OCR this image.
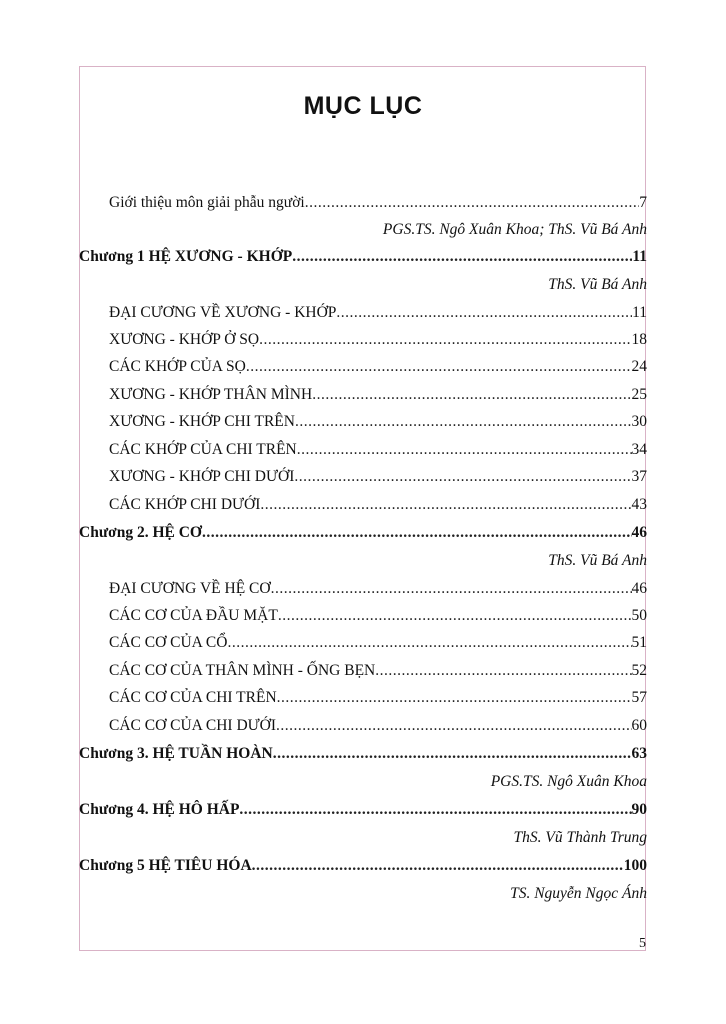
MỤC LỤC
Giới thiệu môn giải phẫu người .....	7
PGS.TS. Ngô Xuân Khoa; ThS. Vũ Bá Anh
Chương 1 HỆ XƯƠNG - KHỚP .....	11
ThS. Vũ Bá Anh
ĐẠI CƯƠNG VỀ XƯƠNG - KHỚP .....	11
XƯƠNG - KHỚP Ở SỌ .....	18
CÁC KHỚP CỦA SỌ .....	24
XƯƠNG - KHỚP THÂN MÌNH .....	25
XƯƠNG - KHỚP CHI TRÊN .....	30
CÁC KHỚP CỦA CHI TRÊN .....	34
XƯƠNG - KHỚP CHI DƯỚI .....	37
CÁC KHỚP CHI DƯỚI .....	43
Chương 2. HỆ CƠ .....	46
ThS. Vũ Bá Anh
ĐẠI CƯƠNG VỀ HỆ CƠ .....	46
CÁC CƠ CỦA ĐẦU MẶT .....	50
CÁC CƠ CỦA CỔ .....	51
CÁC CƠ CỦA THÂN MÌNH - ỐNG BẸN .....	52
CÁC CƠ CỦA CHI TRÊN .....	57
CÁC CƠ CỦA CHI DƯỚI .....	60
Chương 3. HỆ TUẦN HOÀN .....	63
PGS.TS. Ngô Xuân Khoa
Chương 4. HỆ HÔ HẤP .....	90
ThS. Vũ Thành Trung
Chương 5 HỆ TIÊU HÓA .....	100
TS. Nguyễn Ngọc Ánh
5
